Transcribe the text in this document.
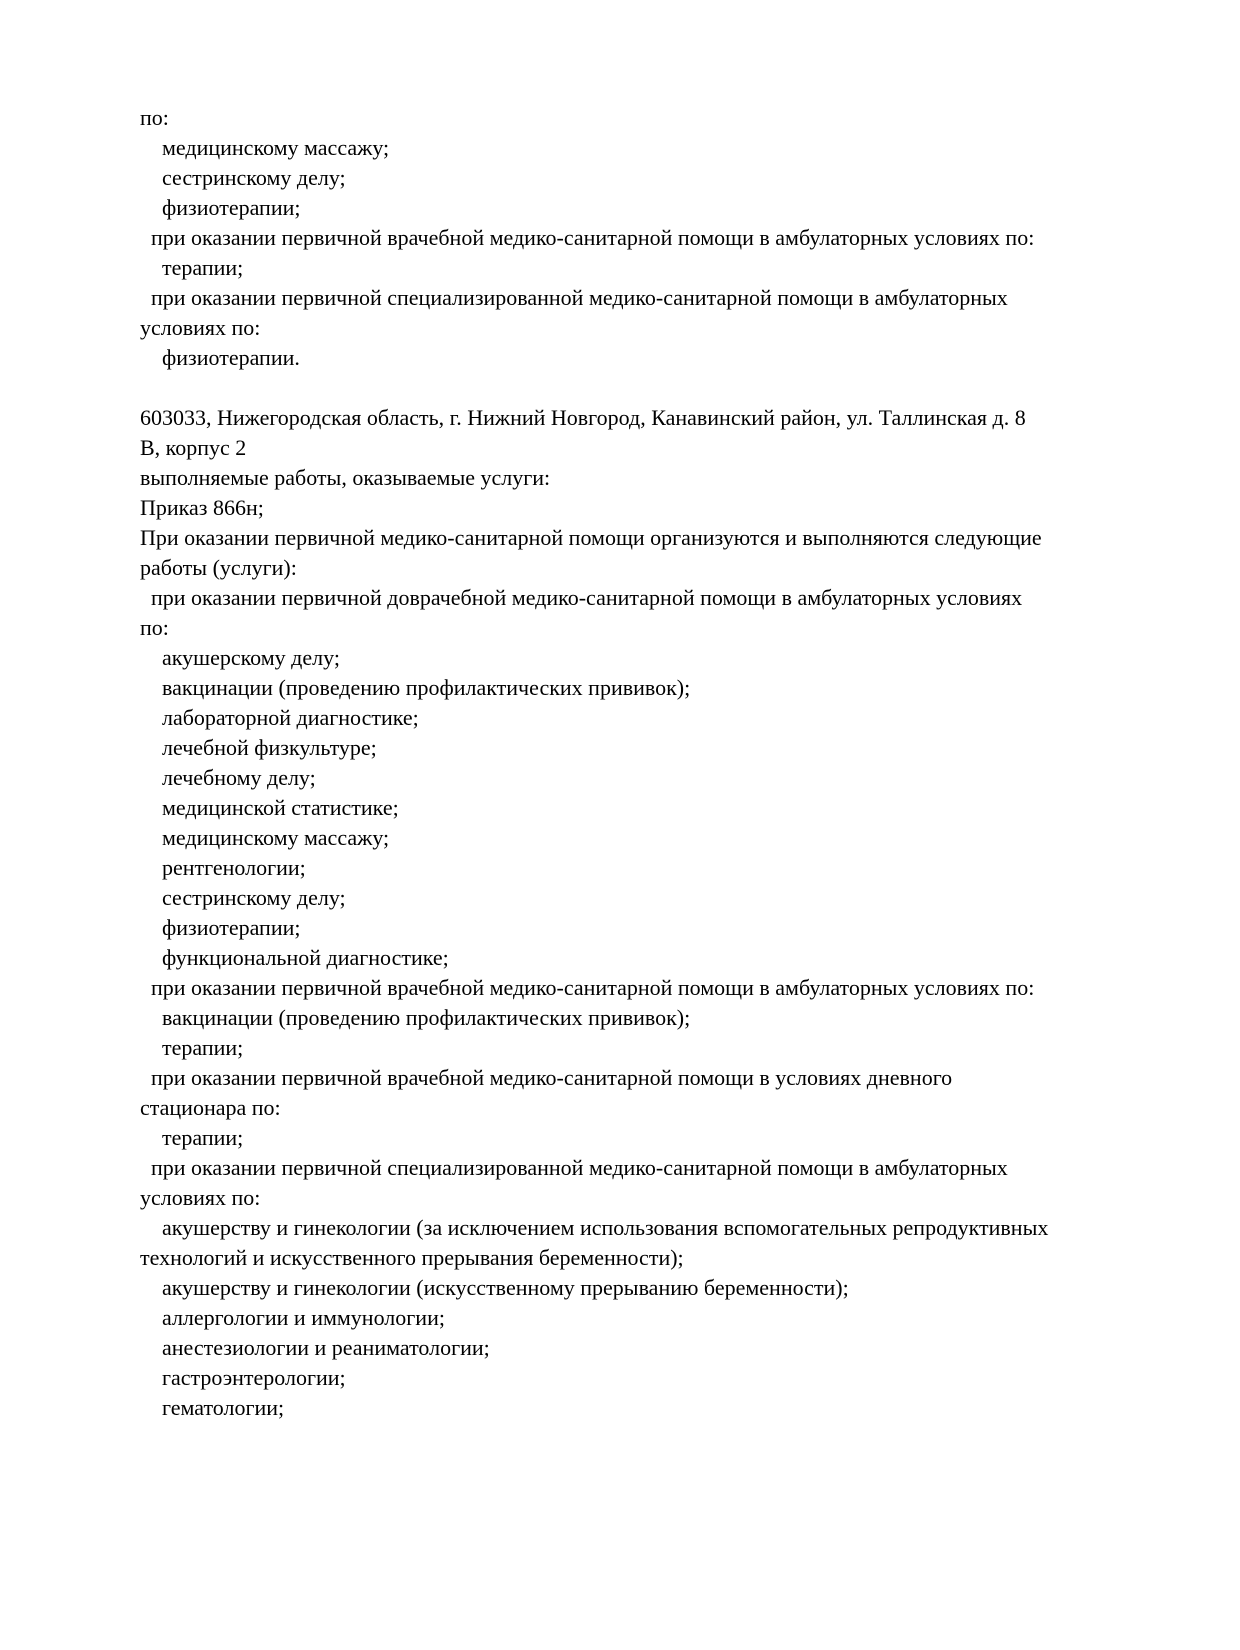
по:
медицинскому массажу;
сестринскому делу;
физиотерапии;
при оказании первичной врачебной медико-санитарной помощи в амбулаторных условиях по:
терапии;
при оказании первичной специализированной медико-санитарной помощи в амбулаторных
условиях по:
физиотерапии.
603033, Нижегородская область, г. Нижний Новгород, Канавинский район, ул. Таллинская д. 8
В, корпус 2
выполняемые работы, оказываемые услуги:
Приказ 866н;
При оказании первичной медико-санитарной помощи организуются и выполняются следующие
работы (услуги):
при оказании первичной доврачебной медико-санитарной помощи в амбулаторных условиях
по:
акушерскому делу;
вакцинации (проведению профилактических прививок);
лабораторной диагностике;
лечебной физкультуре;
лечебному делу;
медицинской статистике;
медицинскому массажу;
рентгенологии;
сестринскому делу;
физиотерапии;
функциональной диагностике;
при оказании первичной врачебной медико-санитарной помощи в амбулаторных условиях по:
вакцинации (проведению профилактических прививок);
терапии;
при оказании первичной врачебной медико-санитарной помощи в условиях дневного
стационара по:
терапии;
при оказании первичной специализированной медико-санитарной помощи в амбулаторных
условиях по:
акушерству и гинекологии (за исключением использования вспомогательных репродуктивных
технологий и искусственного прерывания беременности);
акушерству и гинекологии (искусственному прерыванию беременности);
аллергологии и иммунологии;
анестезиологии и реаниматологии;
гастроэнтерологии;
гематологии;
